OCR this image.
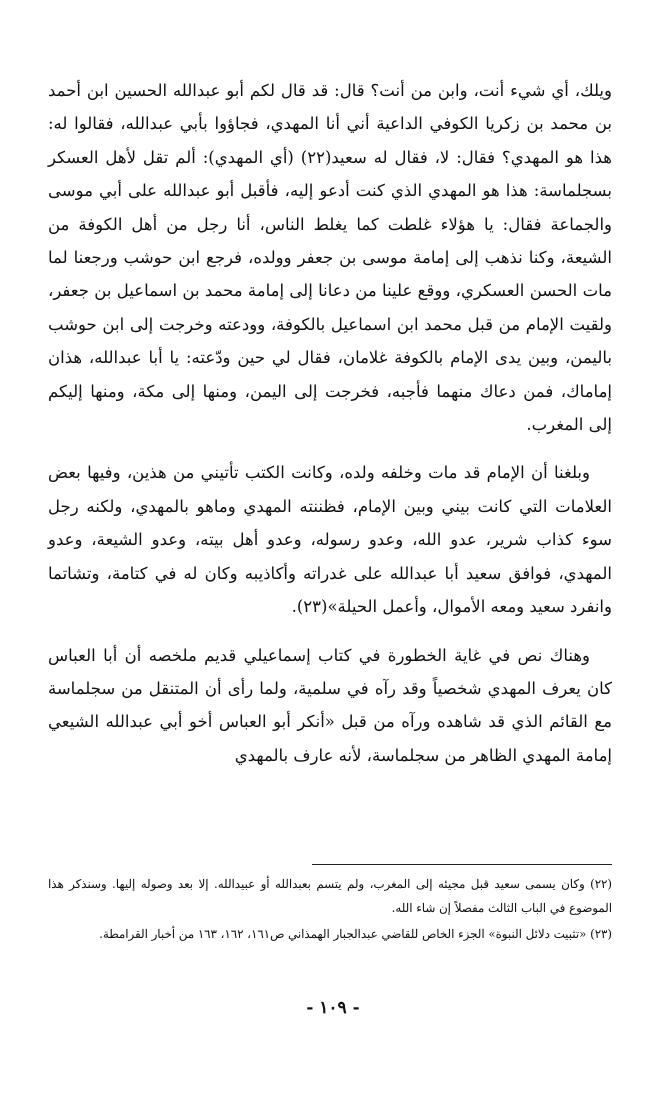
ويلك، أي شيء أنت، وابن من أنت؟ قال: قد قال لكم أبو عبدالله الحسين ابن أحمد بن محمد بن زكريا الكوفي الداعية أني أنا المهدي، فجاؤوا بأبي عبدالله، فقالوا له: هذا هو المهدي؟ فقال: لا، فقال له سعيد(٢٢) (أي المهدي): ألم تقل لأهل العسكر بسجلماسة: هذا هو المهدي الذي كنت أدعو إليه، فأقبل أبو عبدالله على أبي موسى والجماعة فقال: يا هؤلاء غلطت كما يغلط الناس، أنا رجل من أهل الكوفة من الشيعة، وكنا نذهب إلى إمامة موسى بن جعفر وولده، فرجع ابن حوشب ورجعنا لما مات الحسن العسكري، ووقع علينا من دعانا إلى إمامة محمد بن اسماعيل بن جعفر، ولقيت الإمام من قبل محمد ابن اسماعيل بالكوفة، وودعته وخرجت إلى ابن حوشب باليمن، وبين يدى الإمام بالكوفة غلامان، فقال لي حين ودّعته: يا أبا عبدالله، هذان إماماك، فمن دعاك منهما فأجبه، فخرجت إلى اليمن، ومنها إلى مكة، ومنها إليكم إلى المغرب.

وبلغنا أن الإمام قد مات وخلفه ولده، وكانت الكتب تأتيني من هذين، وفيها بعض العلامات التي كانت بيني وبين الإمام، فظننته المهدي وماهو بالمهدي، ولكنه رجل سوء كذاب شرير، عدو الله، وعدو رسوله، وعدو أهل بيته، وعدو الشيعة، وعدو المهدي، فوافق سعيد أبا عبدالله على غدراته وأكاذيبه وكان له في كتامة، وتشاتما وانفرد سعيد ومعه الأموال، وأعمل الحيلة»(٢٣).

وهناك نص في غاية الخطورة في كتاب إسماعيلي قديم ملخصه أن أبا العباس كان يعرف المهدي شخصياً وقد رآه في سلمية، ولما رأى أن المتنقل من سجلماسة مع القائم الذي قد شاهده ورآه من قبل «أنكر أبو العباس أخو أبي عبدالله الشيعي إمامة المهدي الظاهر من سجلماسة، لأنه عارف بالمهدي

(٢٢) وكان يسمى سعيد قبل مجيئه إلى المغرب، ولم يتسم بعبدالله أو عبيدالله. إلا بعد وصوله إليها. وسنذكر هذا الموضوع في الباب الثالث مفصلاً إن شاء الله.

(٢٣) «تثبيت دلائل النبوة» الجزء الخاص للقاضي عبدالجبار الهمذاني ص١٦١، ١٦٢، ١٦٣ من أخبار القرامطة.

- ١٠٩ -
